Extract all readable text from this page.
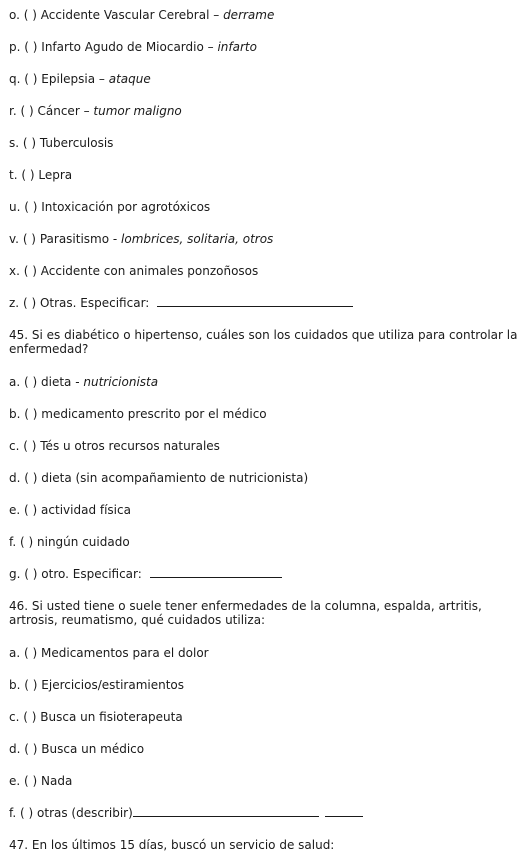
o. ( ) Accidente Vascular Cerebral – derrame
p. ( ) Infarto Agudo de Miocardio – infarto
q. ( ) Epilepsia – ataque
r. ( ) Cáncer – tumor maligno
s. ( ) Tuberculosis
t. ( ) Lepra
u. ( ) Intoxicación por agrotóxicos
v. ( ) Parasitismo - lombrices, solitaria, otros
x. ( ) Accidente con animales ponzoñosos
z. ( ) Otras. Especificar:
45. Si es diabético o hipertenso, cuáles son los cuidados que utiliza para controlar la enfermedad?
a. ( ) dieta - nutricionista
b. ( ) medicamento prescrito por el médico
c. ( ) Tés u otros recursos naturales
d. ( ) dieta (sin acompañamiento de nutricionista)
e. ( ) actividad física
f. ( ) ningún cuidado
g. ( ) otro. Especificar:
46. Si usted tiene o suele tener enfermedades de la columna, espalda, artritis, artrosis, reumatismo, qué cuidados utiliza:
a. ( ) Medicamentos para el dolor
b. ( ) Ejercicios/estiramientos
c. ( ) Busca un fisioterapeuta
d. ( ) Busca un médico
e. ( ) Nada
f. ( ) otras (describir)
47. En los últimos 15 días, buscó un servicio de salud:
